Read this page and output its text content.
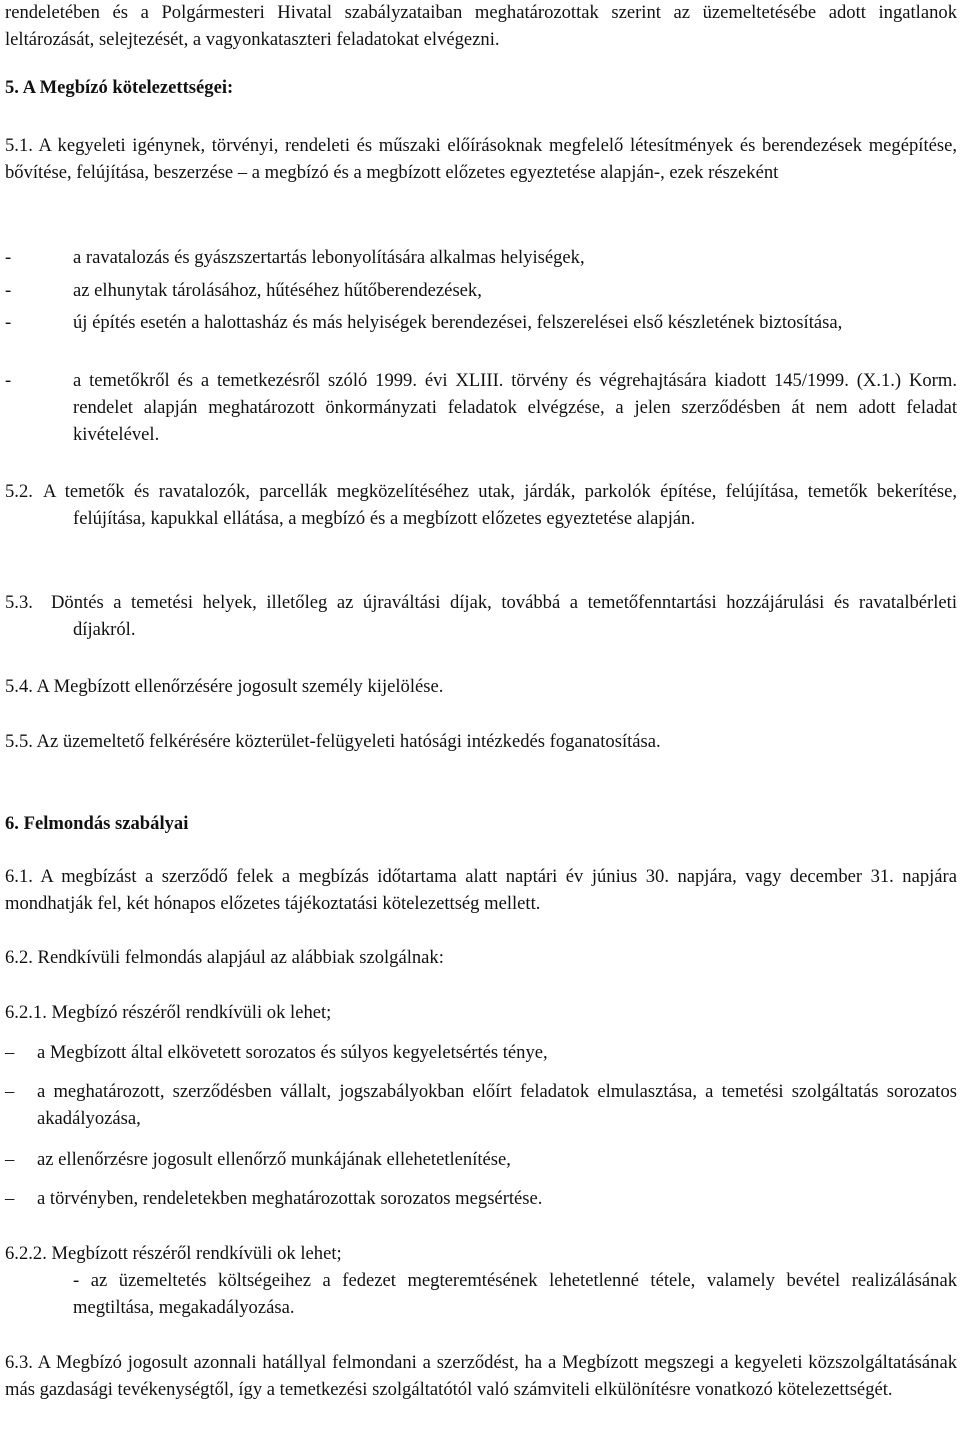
rendeletében és a Polgármesteri Hivatal szabályzataiban meghatározottak szerint az üzemeltetésébe adott ingatlanok leltározását, selejtezését, a vagyonkataszteri feladatokat elvégezni.

5. A Megbízó kötelezettségei:

5.1. A kegyeleti igénynek, törvényi, rendeleti és műszaki előírásoknak megfelelő létesítmények és berendezések megépítése, bővítése, felújítása, beszerzése – a megbízó és a megbízott előzetes egyeztetése alapján-, ezek részeként

-	a ravatalozás és gyászszertartás lebonyolítására alkalmas helyiségek,
-	az elhunytak tárolásához, hűtéséhez hűtőberendezések,
-	új építés esetén a halottasház és más helyiségek berendezései, felszerelései első készletének biztosítása,
-	a temetőkről és a temetkezésről szóló 1999. évi XLIII. törvény és végrehajtására kiadott 145/1999. (X.1.) Korm. rendelet alapján meghatározott önkormányzati feladatok elvégzése, a jelen szerződésben át nem adott feladat kivételével.
5.2. A temetők és ravatalozók, parcellák megközelítéséhez utak, járdák, parkolók építése, felújítása, temetők bekerítése, felújítása, kapukkal ellátása, a megbízó és a megbízott előzetes egyeztetése alapján.
5.3. Döntés a temetési helyek, illetőleg az újraváltási díjak, továbbá a temetőfenntartási hozzájárulási és ravatalbérleti díjakról.

5.4. A Megbízott ellenőrzésére jogosult személy kijelölése.

5.5. Az üzemeltető felkérésére közterület-felügyeleti hatósági intézkedés foganatosítása.

6. Felmondás szabályai

6.1. A megbízást a szerződő felek a megbízás időtartama alatt naptári év június 30. napjára, vagy december 31. napjára mondhatják fel, két hónapos előzetes tájékoztatási kötelezettség mellett.

6.2. Rendkívüli felmondás alapjául az alábbiak szolgálnak:

6.2.1. Megbízó részéről rendkívüli ok lehet;

–	a Megbízott által elkövetett sorozatos és súlyos kegyeletsértés ténye,
–	a meghatározott, szerződésben vállalt, jogszabályokban előírt feladatok elmulasztása, a temetési szolgáltatás sorozatos akadályozása,
–	az ellenőrzésre jogosult ellenőrző munkájának ellehetetlenítése,
–	a törvényben, rendeletekben meghatározottak sorozatos megsértése.

6.2.2. Megbízott részéről rendkívüli ok lehet;

- az üzemeltetés költségeihez a fedezet megteremtésének lehetetlenné tétele, valamely bevétel realizálásának megtiltása, megakadályozása.

6.3. A Megbízó jogosult azonnali hatállyal felmondani a szerződést, ha a Megbízott megszegi a kegyeleti közszolgáltatásának más gazdasági tevékenységtől, így a temetkezési szolgáltatótól való számviteli elkülönítésre vonatkozó kötelezettségét.
